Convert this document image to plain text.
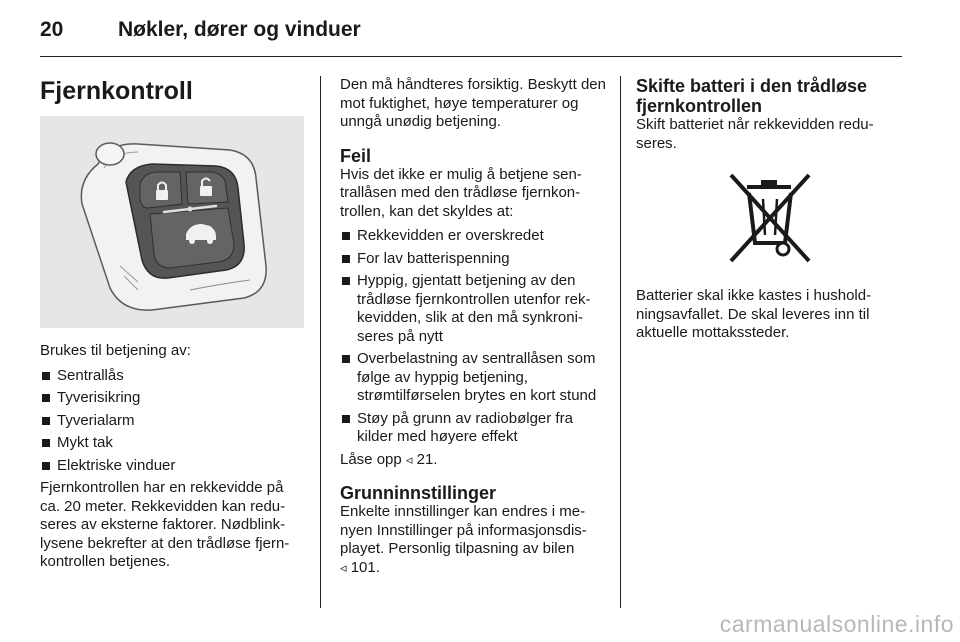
20	Nøkler, dører og vinduer
Fjernkontroll

Brukes til betjening av:

Sentrallås
Tyverisikring
Tyverialarm
Mykt tak
Elektriske vinduer

Fjernkontrollen har en rekkevidde på ca. 20 meter. Rekkevidden kan redu-seres av eksterne faktorer. Nødblink-lysene bekrefter at den trådløse fjern-kontrollen betjenes.

Den må håndteres forsiktig. Beskytt den mot fuktighet, høye temperaturer og unngå unødig betjening.

Feil

Hvis det ikke er mulig å betjene sen-trallåsen med den trådløse fjernkon-trollen, kan det skyldes at:

Rekkevidden er overskredet
For lav batterispenning
Hyppig, gjentatt betjening av den trådløse fjernkontrollen utenfor rek-kevidden, slik at den må synkroni-seres på nytt
Overbelastning av sentrallåsen som følge av hyppig betjening, strømtilførselen brytes en kort stund
Støy på grunn av radiobølger fra kilder med høyere effekt

Låse opp ◃ 21.

Grunninnstillinger

Enkelte innstillinger kan endres i me-nyen Innstillinger på informasjonsdis-playet. Personlig tilpasning av bilen

◃ 101.

Skifte batteri i den trådløse fjernkontrollen

Skift batteriet når rekkevidden redu-seres.

Batterier skal ikke kastes i hushold-ningsavfallet. De skal leveres inn til aktuelle mottakssteder.

carmanualsonline.info
